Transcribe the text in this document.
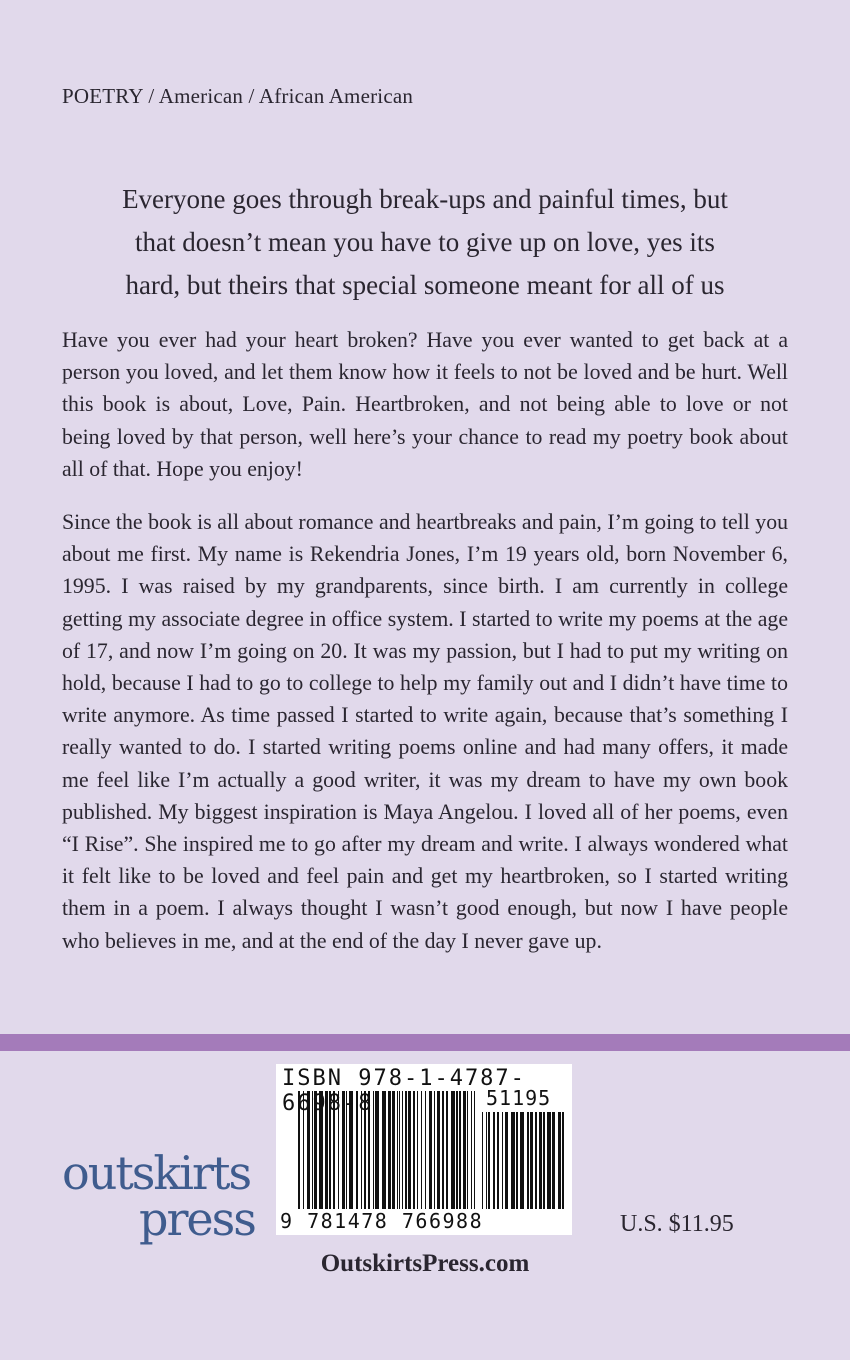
POETRY / American / African American
Everyone goes through break-ups and painful times, but
that doesn’t mean you have to give up on love, yes its
hard, but theirs that special someone meant for all of us
Have you ever had your heart broken? Have you ever wanted to get back at a person you loved, and let them know how it feels to not be loved and be hurt. Well this book is about, Love, Pain. Heartbroken, and not being able to love or not being loved by that person, well here’s your chance to read my poetry book about all of that. Hope you enjoy!
Since the book is all about romance and heartbreaks and pain, I’m going to tell you about me first. My name is Rekendria Jones, I’m 19 years old, born November 6, 1995. I was raised by my grandparents, since birth. I am currently in college getting my associate degree in office system. I started to write my poems at the age of 17, and now I’m going on 20. It was my passion, but I had to put my writing on hold, because I had to go to college to help my family out and I didn’t have time to write anymore. As time passed I started to write again, because that’s something I really wanted to do. I started writing poems online and had many offers, it made me feel like I’m actually a good writer, it was my dream to have my own book published. My biggest inspiration is Maya Angelou. I loved all of her poems, even “I Rise”. She inspired me to go after my dream and write. I always wondered what it felt like to be loved and feel pain and get my heartbroken, so I started writing them in a poem. I always thought I wasn’t good enough, but now I have people who believes in me, and at the end of the day I never gave up.
outskirts
press
ISBN 978-1-4787-6698-8	51195
9 781478 766988	U.S. $11.95
OutskirtsPress.com
